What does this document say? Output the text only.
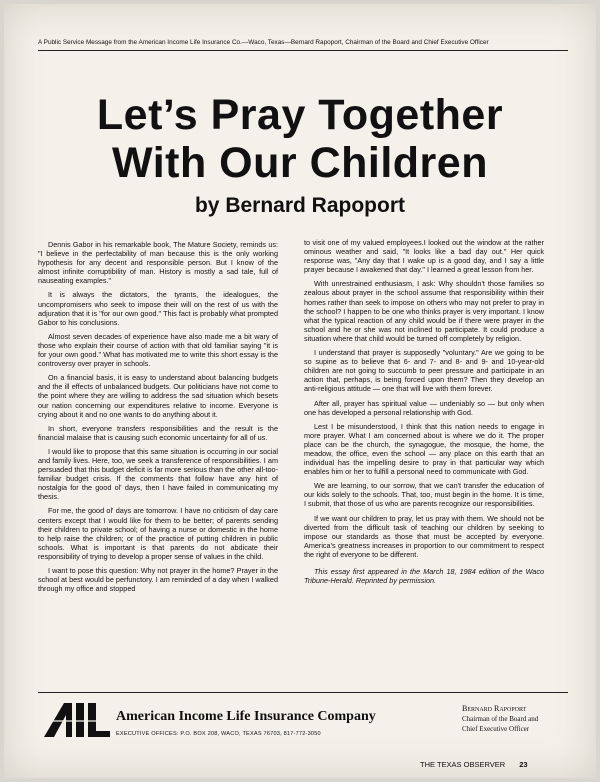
A Public Service Message from the American Income Life Insurance Co.—Waco, Texas—Bernard Rapoport, Chairman of the Board and Chief Executive Officer
Let’s Pray Together
With Our Children
by Bernard Rapoport

Dennis Gabor in his remarkable book, The Mature Society, reminds us: "I believe in the perfectability of man because this is the only working hypothesis for any decent and responsible person. But I know of the almost infinite corruptibility of man. History is mostly a sad tale, full of nauseating examples."

It is always the dictators, the tyrants, the idealogues, the uncompromisers who seek to impose their will on the rest of us with the adjuration that it is "for our own good." This fact is probably what prompted Gabor to his conclusions.

Almost seven decades of experience have also made me a bit wary of those who explain their course of action with that old familiar saying "it is for your own good." What has motivated me to write this short essay is the controversy over prayer in schools.

On a financial basis, it is easy to understand about balancing budgets and the ill effects of unbalanced budgets. Our politicians have not come to the point where they are willing to address the sad situation which besets our nation concerning our expenditures relative to income. Everyone is crying about it and no one wants to do anything about it.

In short, everyone transfers responsibilities and the result is the financial malaise that is causing such economic uncertainty for all of us.

I would like to propose that this same situation is occurring in our social and family lives. Here, too, we seek a transference of responsibilities. I am persuaded that this budget deficit is far more serious than the other all-too-familiar budget crisis. If the comments that follow have any hint of nostalgia for the good ol' days, then I have failed in communicating my thesis.

For me, the good ol' days are tomorrow. I have no criticism of day care centers except that I would like for them to be better; of parents sending their children to private school; of having a nurse or domestic in the home to help raise the children; or of the practice of putting children in public schools. What is important is that parents do not abdicate their responsibility of trying to develop a proper sense of values in the child.

I want to pose this question: Why not prayer in the home? Prayer in the school at best would be perfunctory. I am reminded of a day when I walked through my office and stopped

to visit one of my valued employees.I looked out the window at the rather ominous weather and said, "It looks like a bad day out." Her quick response was, "Any day that I wake up is a good day, and I say a little prayer because I awakened that day." I learned a great lesson from her.

With unrestrained enthusiasm, I ask: Why shouldn't those families so zealous about prayer in the school assume that responsibility within their homes rather than seek to impose on others who may not prefer to pray in the school? I happen to be one who thinks prayer is very important. I know what the typical reaction of any child would be if there were prayer in the school and he or she was not inclined to participate. It could produce a situation where that child would be turned off completely by religion.

I understand that prayer is supposedly "voluntary." Are we going to be so supine as to believe that 6- and 7- and 8- and 9- and 10-year-old children are not going to succumb to peer pressure and participate in an action that, perhaps, is being forced upon them? Then they develop an anti-religious attitude — one that will live with them forever.

After all, prayer has spiritual value — undeniably so — but only when one has developed a personal relationship with God.

Lest I be misunderstood, I think that this nation needs to engage in more prayer. What I am concerned about is where we do it. The proper place can be the church, the synagogue, the mosque, the home, the meadow, the office, even the school — any place on this earth that an individual has the impelling desire to pray in that particular way which enables him or her to fulfill a personal need to communicate with God.

We are learning, to our sorrow, that we can't transfer the education of our kids solely to the schools. That, too, must begin in the home. It is time, I submit, that those of us who are parents recognize our responsibilities.

If we want our children to pray, let us pray with them. We should not be diverted from the difficult task of teaching our children by seeking to impose our standards as those that must be accepted by everyone. America's greatness increases in proportion to our commitment to respect the right of everyone to be different.

This essay first appeared in the March 18, 1984 edition of the Waco Tribune-Herald. Reprinted by permission.

American Income Life Insurance Company
EXECUTIVE OFFICES: P.O. BOX 208, WACO, TEXAS 76703, 817-772-3050
Bernard Rapoport
Chairman of the Board and
Chief Executive Officer
THE TEXAS OBSERVER 23
